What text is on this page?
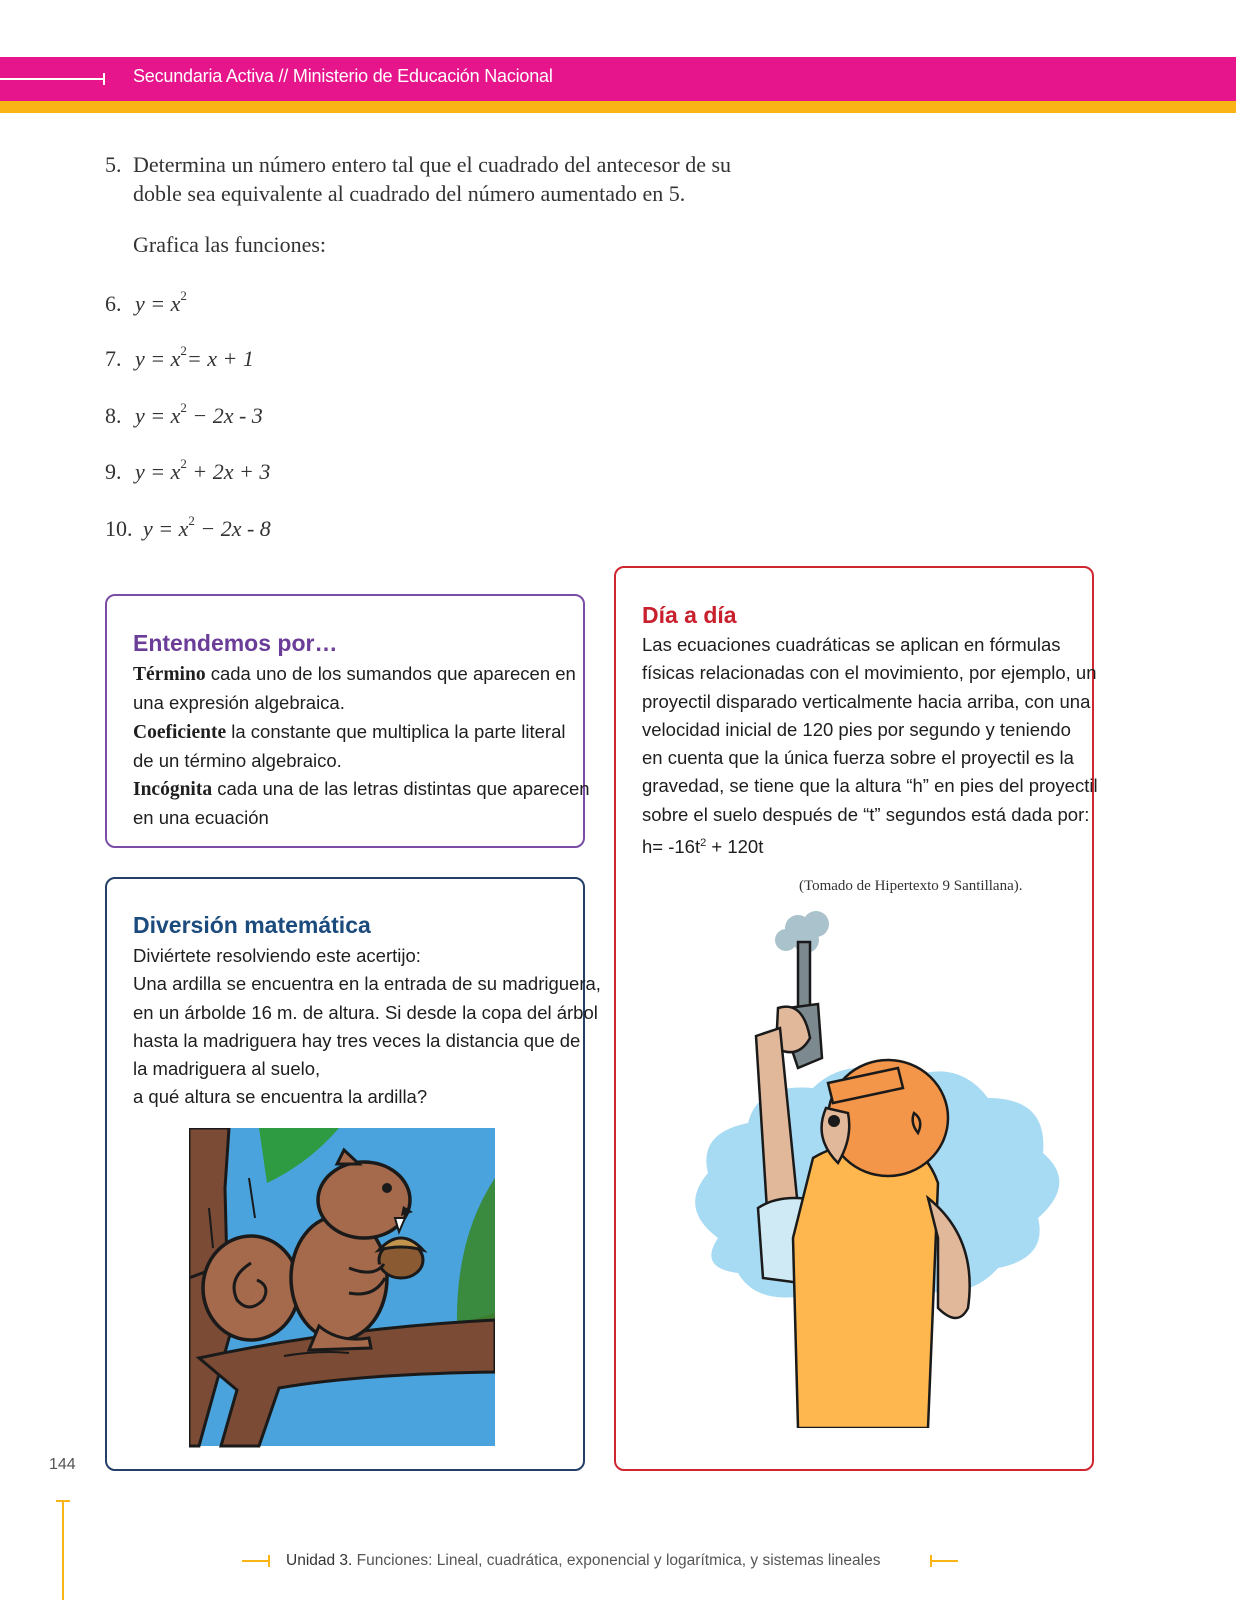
Secundaria Activa // Ministerio de Educación Nacional
5. Determina un número entero tal que el cuadrado del antecesor de su
doble sea equivalente al cuadrado del número aumentado en 5.
Grafica las funciones:
6. $y = x^2$
7. $y = x^2= x + 1$
8. $y = x^2 - 2x - 3$
9. $y = x^2 + 2x + 3$
10. $y = x^2 - 2x - 8$
Entendemos por…
Término cada uno de los sumandos que aparecen en
una expresión algebraica.
Coeficiente la constante que multiplica la parte literal
de un término algebraico.
Incógnita cada una de las letras distintas que aparecen
en una ecuación
Diversión matemática
Diviértete resolviendo este acertijo:
Una ardilla se encuentra en la entrada de su madriguera,
en un árbolde 16 m. de altura. Si desde la copa del árbol
hasta la madriguera hay tres veces la distancia que de
la madriguera al suelo,
a qué altura se encuentra la ardilla?
Día a día
Las ecuaciones cuadráticas se aplican en fórmulas
físicas relacionadas con el movimiento, por ejemplo, un
proyectil disparado verticalmente hacia arriba, con una
velocidad inicial de 120 pies por segundo y teniendo
en cuenta que la única fuerza sobre el proyectil es la
gravedad, se tiene que la altura “h” en pies del proyectil
sobre el suelo después de “t” segundos está dada por:
$h= -16t^2 + 120t$
(Tomado de Hipertexto 9 Santillana).
144
Unidad 3. Funciones: Lineal, cuadrática, exponencial y logarítmica, y sistemas lineales
